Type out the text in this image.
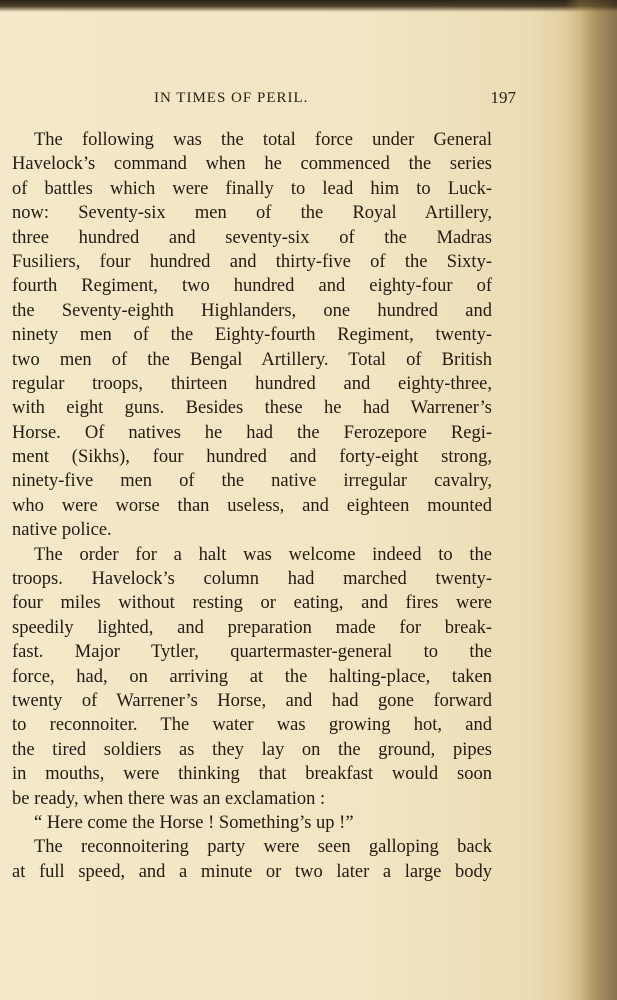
IN TIMES OF PERIL.	197
The following was the total force under General
Havelock’s command when he commenced the series
of battles which were finally to lead him to Luck-
now: Seventy-six men of the Royal Artillery,
three hundred and seventy-six of the Madras
Fusiliers, four hundred and thirty-five of the Sixty-
fourth Regiment, two hundred and eighty-four of
the Seventy-eighth Highlanders, one hundred and
ninety men of the Eighty-fourth Regiment, twenty-
two men of the Bengal Artillery. Total of British
regular troops, thirteen hundred and eighty-three,
with eight guns. Besides these he had Warrener’s
Horse. Of natives he had the Ferozepore Regi-
ment (Sikhs), four hundred and forty-eight strong,
ninety-five men of the native irregular cavalry,
who were worse than useless, and eighteen mounted
native police.
The order for a halt was welcome indeed to the
troops. Havelock’s column had marched twenty-
four miles without resting or eating, and fires were
speedily lighted, and preparation made for break-
fast. Major Tytler, quartermaster-general to the
force, had, on arriving at the halting-place, taken
twenty of Warrener’s Horse, and had gone forward
to reconnoiter. The water was growing hot, and
the tired soldiers as they lay on the ground, pipes
in mouths, were thinking that breakfast would soon
be ready, when there was an exclamation :
“ Here come the Horse ! Something’s up !”
The reconnoitering party were seen galloping back
at full speed, and a minute or two later a large body
